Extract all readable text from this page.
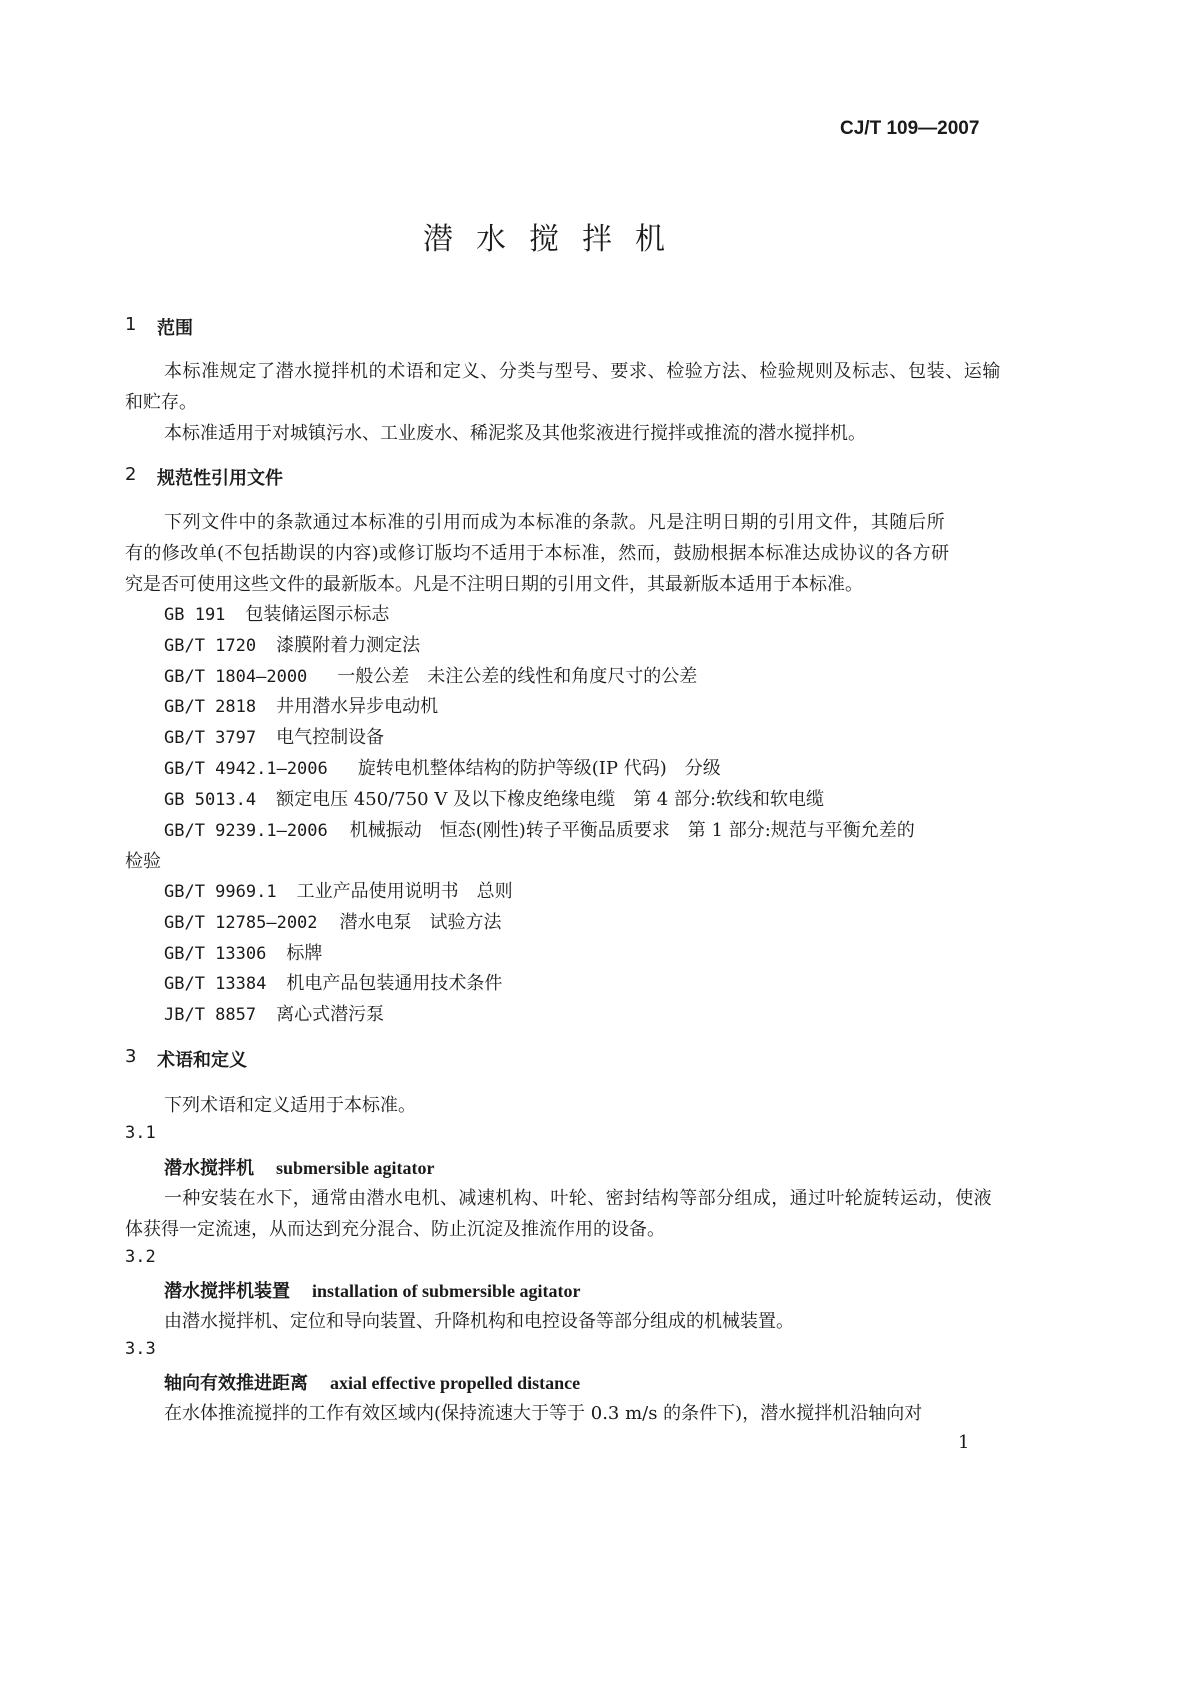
CJ/T 109—2007
潜水搅拌机
1 范围
本标准规定了潜水搅拌机的术语和定义、分类与型号、要求、检验方法、检验规则及标志、包装、运输
和贮存。
本标准适用于对城镇污水、工业废水、稀泥浆及其他浆液进行搅拌或推流的潜水搅拌机。
2 规范性引用文件
下列文件中的条款通过本标准的引用而成为本标准的条款。凡是注明日期的引用文件，其随后所
有的修改单(不包括勘误的内容)或修订版均不适用于本标准，然而，鼓励根据本标准达成协议的各方研
究是否可使用这些文件的最新版本。凡是不注明日期的引用文件，其最新版本适用于本标准。
GB 191 包装储运图示标志
GB/T 1720 漆膜附着力测定法
GB/T 1804—2000 一般公差　未注公差的线性和角度尺寸的公差
GB/T 2818 井用潜水异步电动机
GB/T 3797 电气控制设备
GB/T 4942.1—2006 旋转电机整体结构的防护等级(IP 代码)　分级
GB 5013.4 额定电压 450/750 V 及以下橡皮绝缘电缆　第 4 部分:软线和软电缆
GB/T 9239.1—2006 机械振动　恒态(刚性)转子平衡品质要求　第 1 部分:规范与平衡允差的
检验
GB/T 9969.1 工业产品使用说明书　总则
GB/T 12785—2002 潜水电泵　试验方法
GB/T 13306 标牌
GB/T 13384 机电产品包装通用技术条件
JB/T 8857 离心式潜污泵
3 术语和定义
下列术语和定义适用于本标准。
3.1
潜水搅拌机 submersible agitator
一种安装在水下，通常由潜水电机、减速机构、叶轮、密封结构等部分组成，通过叶轮旋转运动，使液
体获得一定流速，从而达到充分混合、防止沉淀及推流作用的设备。
3.2
潜水搅拌机装置 installation of submersible agitator
由潜水搅拌机、定位和导向装置、升降机构和电控设备等部分组成的机械装置。
3.3
轴向有效推进距离 axial effective propelled distance
在水体推流搅拌的工作有效区域内(保持流速大于等于 0.3 m/s 的条件下)，潜水搅拌机沿轴向对
1
